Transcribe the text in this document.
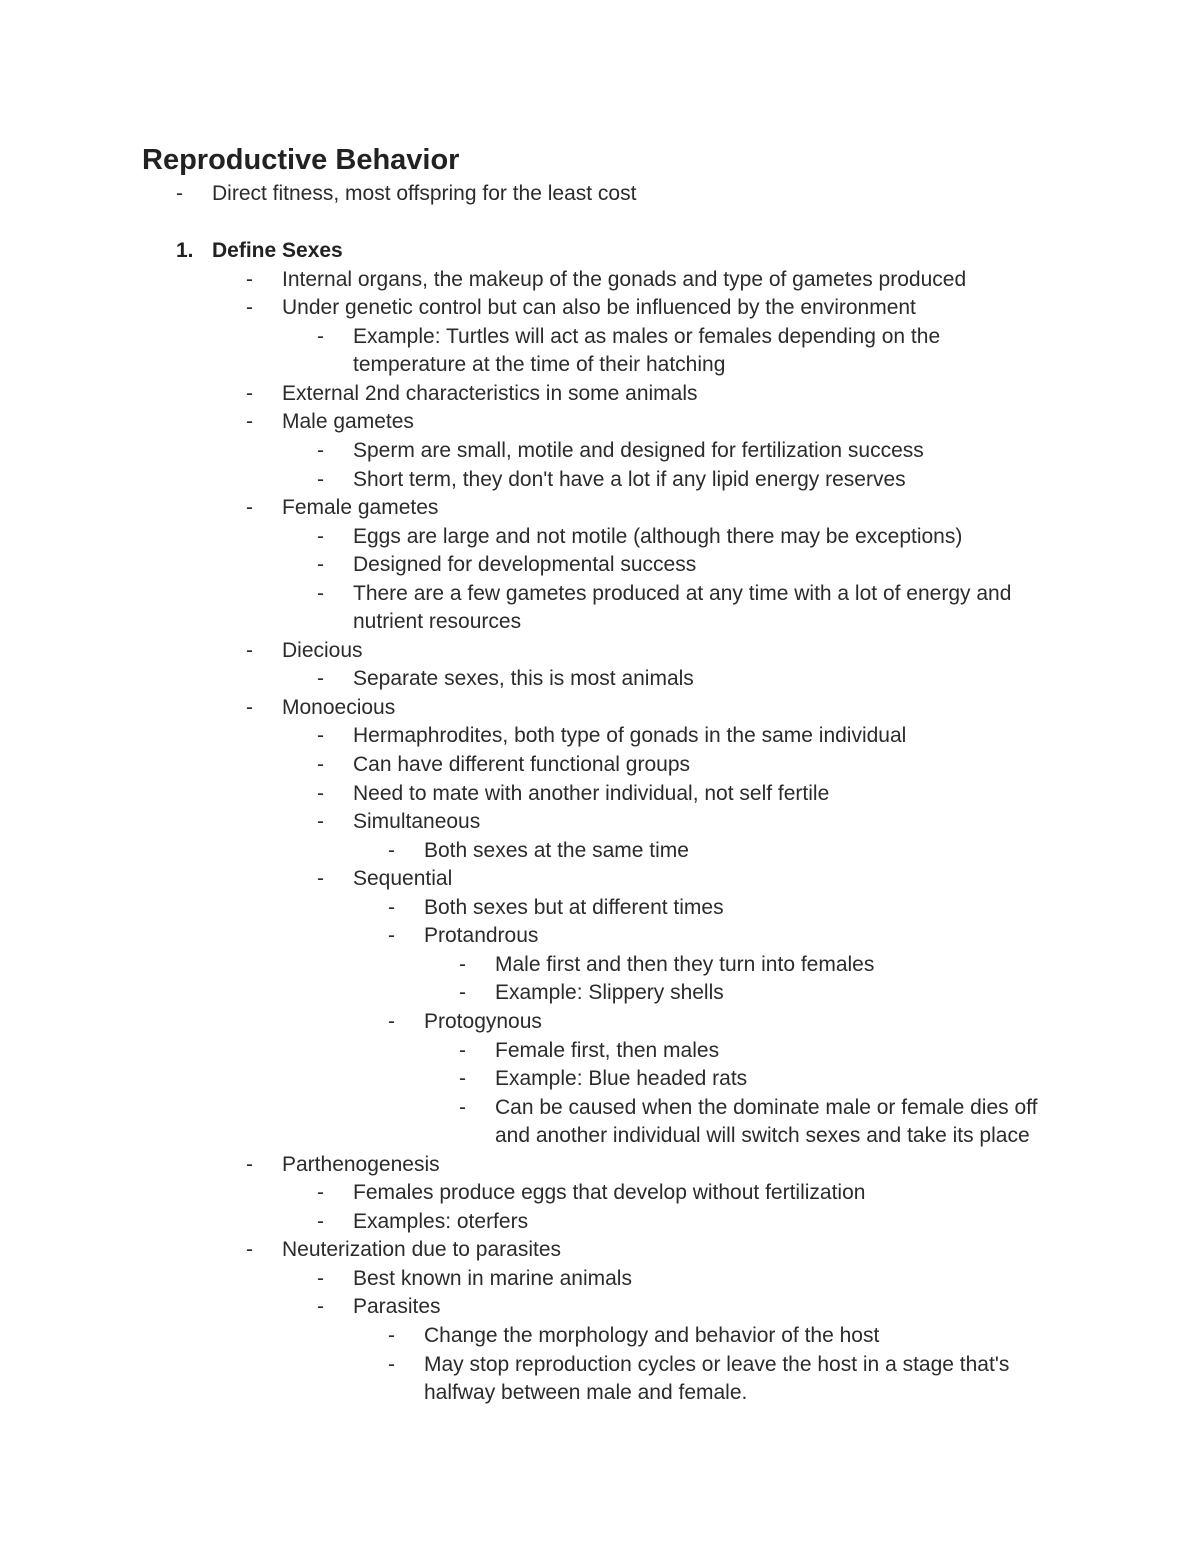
Reproductive Behavior
- Direct fitness, most offspring for the least cost
1. Define Sexes
- Internal organs, the makeup of the gonads and type of gametes produced
- Under genetic control but can also be influenced by the environment
- Example: Turtles will act as males or females depending on the
temperature at the time of their hatching
- External 2nd characteristics in some animals
- Male gametes
- Sperm are small, motile and designed for fertilization success
- Short term, they don't have a lot if any lipid energy reserves
- Female gametes
- Eggs are large and not motile (although there may be exceptions)
- Designed for developmental success
- There are a few gametes produced at any time with a lot of energy and
nutrient resources
- Diecious
- Separate sexes, this is most animals
- Monoecious
- Hermaphrodites, both type of gonads in the same individual
- Can have different functional groups
- Need to mate with another individual, not self fertile
- Simultaneous
- Both sexes at the same time
- Sequential
- Both sexes but at different times
- Protandrous
- Male first and then they turn into females
- Example: Slippery shells
- Protogynous
- Female first, then males
- Example: Blue headed rats
- Can be caused when the dominate male or female dies off
and another individual will switch sexes and take its place
- Parthenogenesis
- Females produce eggs that develop without fertilization
- Examples: oterfers
- Neuterization due to parasites
- Best known in marine animals
- Parasites
- Change the morphology and behavior of the host
- May stop reproduction cycles or leave the host in a stage that's
halfway between male and female.
